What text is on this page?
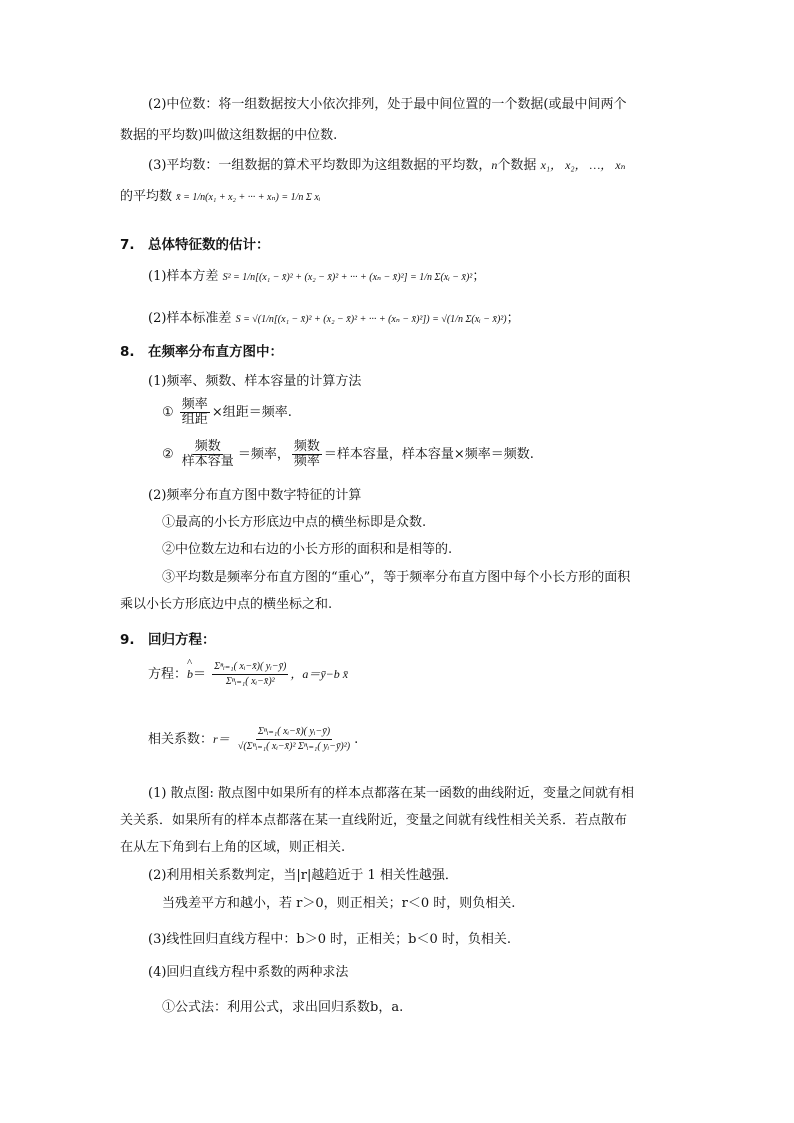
(2)中位数：将一组数据按大小依次排列，处于最中间位置的一个数据(或最中间两个
数据的平均数)叫做这组数据的中位数.
(3)平均数：一组数据的算术平均数即为这组数据的平均数，n个数据 x₁， x₂， …， xₙ
的平均数 x̄ = 1/n(x₁ + x₂ + ··· + xₙ) = 1/n Σ xᵢ
7.　总体特征数的估计：
(1)样本方差 S² = 1/n[(x₁ − x̄)² + (x₂ − x̄)² + ··· + (xₙ − x̄)²] = 1/n Σ(xᵢ − x̄)²；
(2)样本标准差 S = √(1/n[(x₁ − x̄)² + (x₂ − x̄)² + ··· + (xₙ − x̄)²]) = √(1/n Σ(xᵢ − x̄)²)；
8.　在频率分布直方图中：
(1)频率、频数、样本容量的计算方法
① $\frac{\text{频率}}{\text{组距}}$ ×组距＝频率.
② $\frac{\text{频数}}{\text{样本容量}}$ ＝频率， $\frac{\text{频数}}{\text{频率}}$ ＝样本容量，样本容量×频率＝频数.
(2)频率分布直方图中数字特征的计算
①最高的小长方形底边中点的横坐标即是众数.
②中位数左边和右边的小长方形的面积和是相等的.
③平均数是频率分布直方图的“重心”，等于频率分布直方图中每个小长方形的面积
乘以小长方形底边中点的横坐标之和.
9.　回归方程：
方程：^ $b= \frac{\text{Σⁿᵢ₌₁( xᵢ−x̄)( yᵢ−ȳ)}}{\text{Σⁿᵢ₌₁( xᵢ−x̄)²}}$ ，a＝ȳ−b x̄
相关系数：$r= \frac{\text{Σⁿᵢ₌₁( xᵢ−x̄)( yᵢ−ȳ)}}{\text{√(Σⁿᵢ₌₁( xᵢ−x̄)² Σⁿᵢ₌₁( yᵢ−ȳ)²)}}$ .
(1) 散点图: 散点图中如果所有的样本点都落在某一函数的曲线附近，变量之间就有相
关关系．如果所有的样本点都落在某一直线附近，变量之间就有线性相关关系．若点散布
在从左下角到右上角的区域，则正相关.
(2)利用相关系数判定，当|r|越趋近于 1 相关性越强．
当残差平方和越小，若 r＞0，则正相关；r＜0 时，则负相关.
(3)线性回归直线方程中：b＞0 时，正相关；b＜0 时，负相关.
(4)回归直线方程中系数的两种求法
①公式法：利用公式，求出回归系数b，a.
